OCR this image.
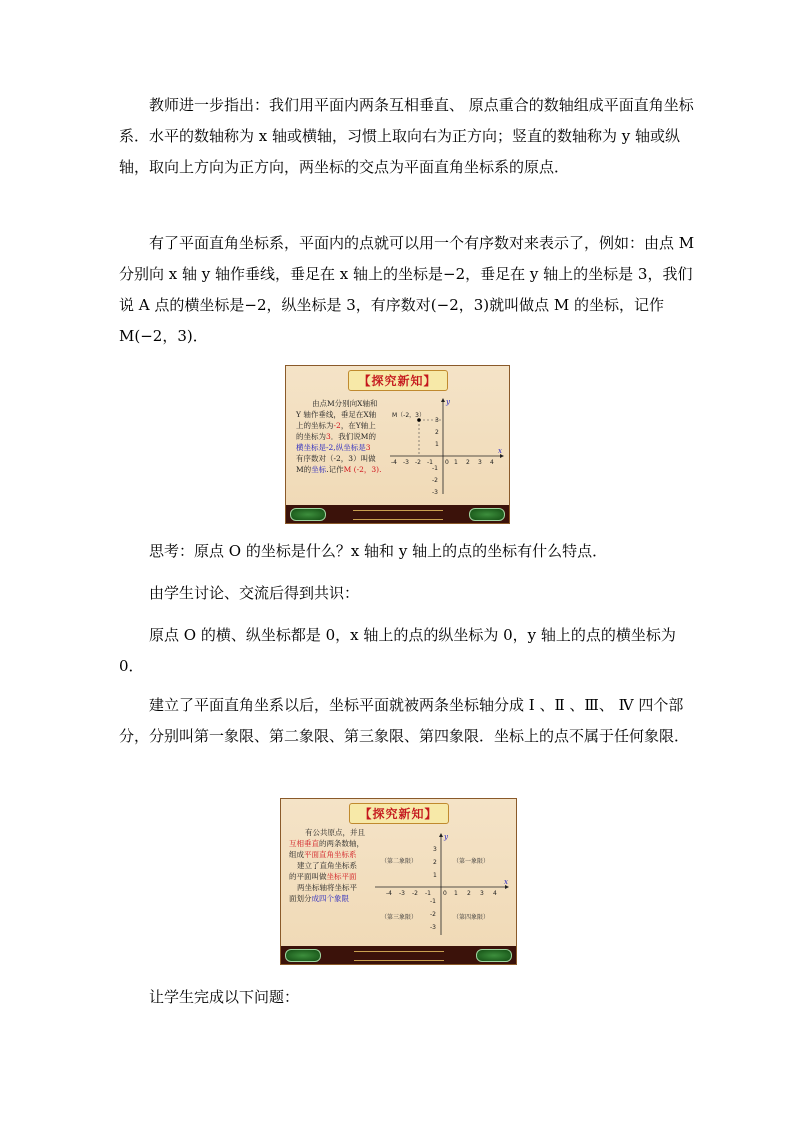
教师进一步指出：我们用平面内两条互相垂直、 原点重合的数轴组成平面直角坐标系．水平的数轴称为 x 轴或横轴，习惯上取向右为正方向；竖直的数轴称为 y 轴或纵轴，取向上方向为正方向，两坐标的交点为平面直角坐标系的原点．
有了平面直角坐标系，平面内的点就可以用一个有序数对来表示了，例如：由点 M 分别向 x 轴 y 轴作垂线，垂足在 x 轴上的坐标是−2，垂足在 y 轴上的坐标是 3，我们说 A 点的横坐标是−2，纵坐标是 3，有序数对(−2，3)就叫做点 M 的坐标，记作 M(−2，3)．
【探究新知】
由点M分别向X轴和
Y 轴作垂线，垂足在X轴
上的坐标为-2，在Y轴上
的坐标为3．我们说M的
横坐标是-2,纵坐标是3
有序数对（-2，3）叫做
M的坐标.记作M (-2，3).
x
y
-4 -3 -2 -1 0 1 2 3 4
3
2
1
-1
-2
-3
M（-2，3）
思考：原点 O 的坐标是什么？x 轴和 y 轴上的点的坐标有什么特点．
由学生讨论、交流后得到共识：
原点 O 的横、纵坐标都是 0，x 轴上的点的纵坐标为 0，y 轴上的点的横坐标为 0．
建立了平面直角坐系以后，坐标平面就被两条坐标轴分成 Ⅰ 、Ⅱ 、Ⅲ、 Ⅳ 四个部分，分别叫第一象限、第二象限、第三象限、第四象限．坐标上的点不属于任何象限．
【探究新知】
有公共原点，并且
互相垂直的两条数轴，
组成平面直角坐标系
建立了直角坐标系
的平面叫做坐标平面
两坐标轴将坐标平
面划分成四个象限
x
y
-4 -3 -2 -1 0 1 2 3 4
3
2
1
-1
-2
-3
（第二象限）	（第一象限）
（第三象限）	（第四象限）
让学生完成以下问题：
